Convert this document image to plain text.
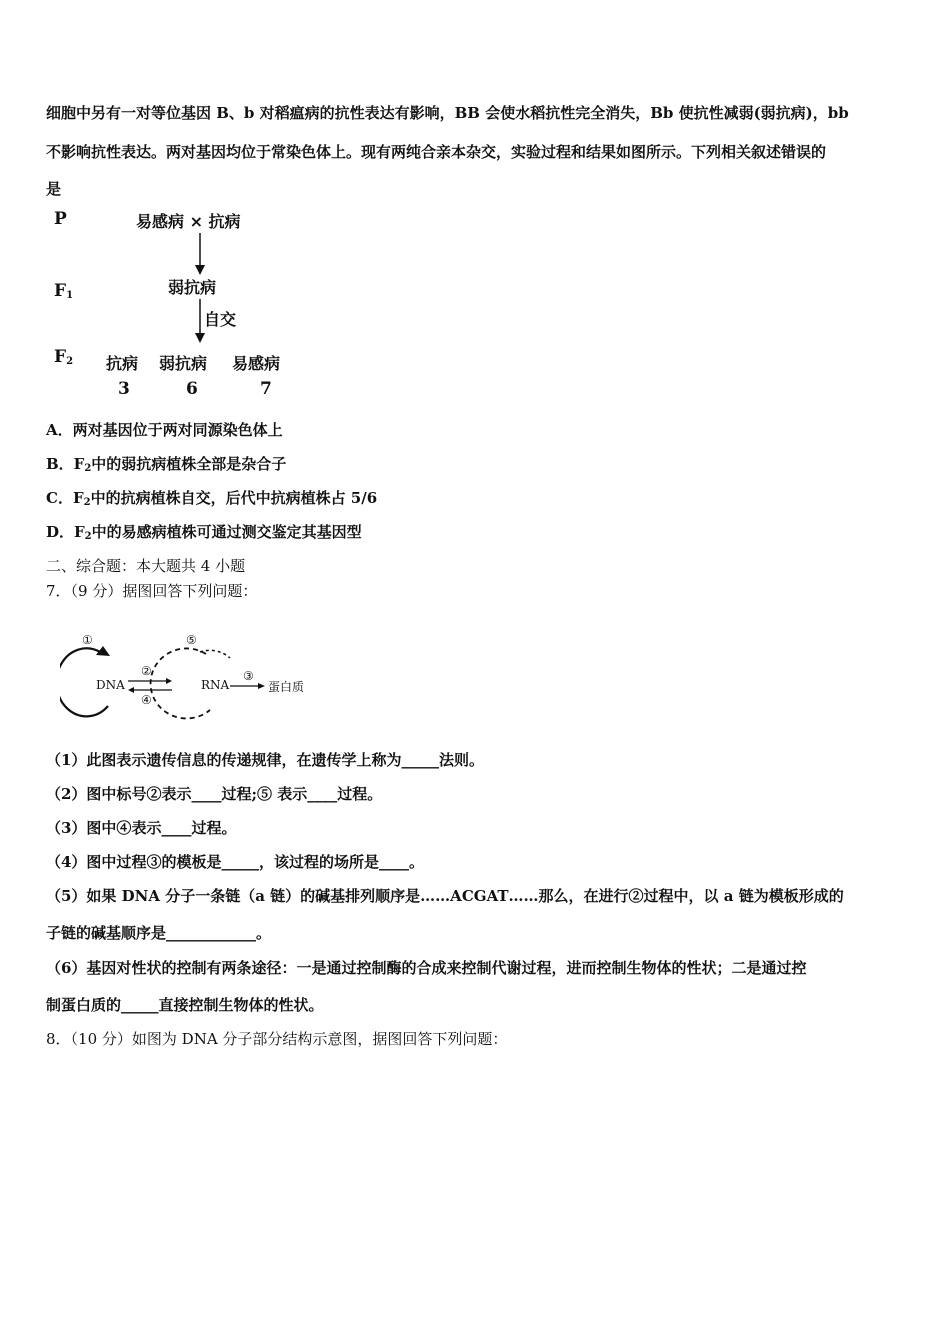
细胞中另有一对等位基因 B、b 对稻瘟病的抗性表达有影响，BB 会使水稻抗性完全消失，Bb 使抗性减弱(弱抗病)，bb
不影响抗性表达。两对基因均位于常染色体上。现有两纯合亲本杂交，实验过程和结果如图所示。下列相关叙述错误的
是
P
$F_1$
$F_2$
易感病 × 抗病
弱抗病
自交
抗病 弱抗病 易感病
3	6	7
A．两对基因位于两对同源染色体上
B．$F_2$中的弱抗病植株全部是杂合子
C．$F_2$中的抗病植株自交，后代中抗病植株占 5/6
D．$F_2$中的易感病植株可通过测交鉴定其基因型
二、综合题：本大题共 4 小题
7．（9 分）据图回答下列问题：
①
DNA
②
④
⑤
RNA
③
蛋白质
（1）此图表示遗传信息的传递规律，在遗传学上称为_____法则。
（2）图中标号②表示____过程;⑤ 表示____过程。
（3）图中④表示____过程。
（4）图中过程③的模板是_____，该过程的场所是____。
（5）如果 DNA 分子一条链（a 链）的碱基排列顺序是……ACGAT……那么，在进行②过程中，以 a 链为模板形成的
子链的碱基顺序是____________。
（6）基因对性状的控制有两条途径：一是通过控制酶的合成来控制代谢过程，进而控制生物体的性状；二是通过控
制蛋白质的_____直接控制生物体的性状。
8．（10 分）如图为 DNA 分子部分结构示意图，据图回答下列问题：
